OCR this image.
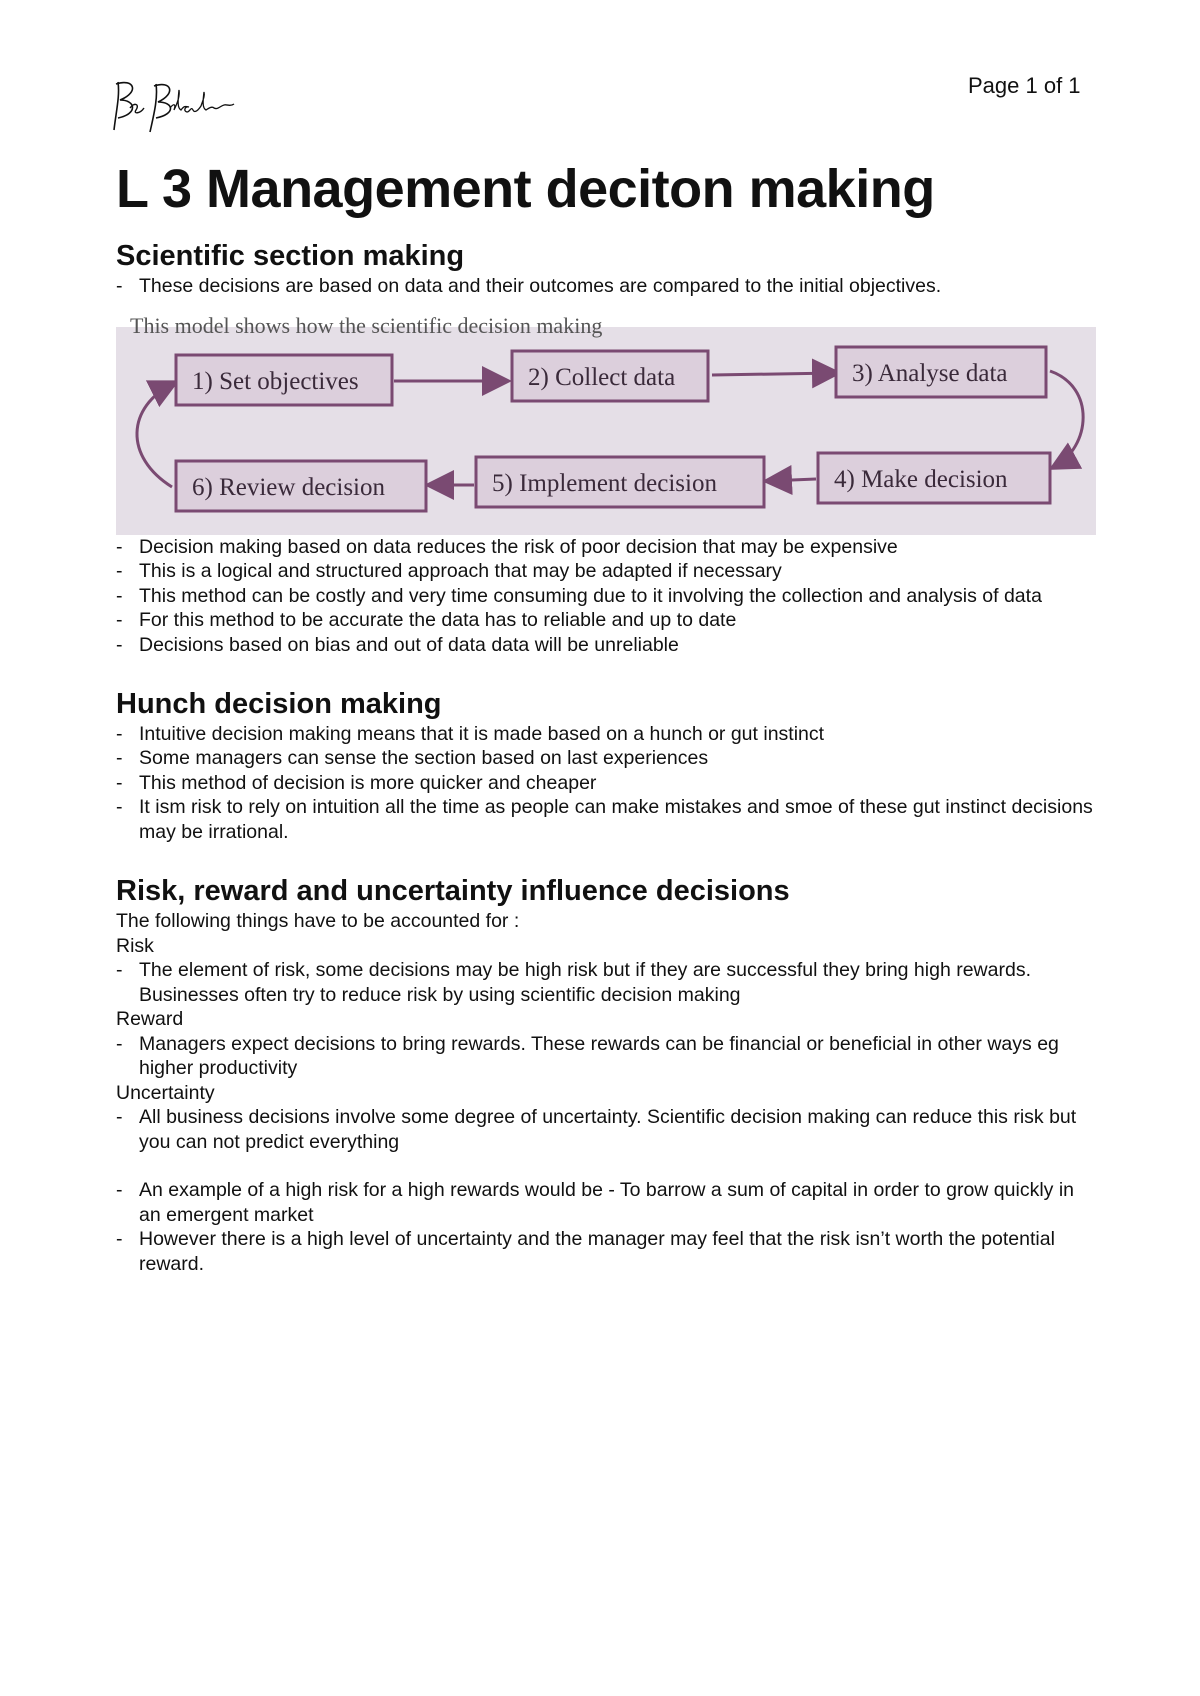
Page 1 of 1
L 3 Management deciton making
Scientific section making
- These decisions are based on data and their outcomes are compared to the initial objectives.
This model shows how the scientific decision making
1) Set objectives	2) Collect data	3) Analyse data
4) Make decision
5) Implement decision
6) Review decision
- Decision making based on data reduces the risk of poor decision that may be expensive
- This is a logical and structured approach that may be adapted if necessary
- This method can be costly and very time consuming due to it involving the collection and analysis of data
- For this method to be accurate the data has to reliable and up to date
- Decisions based on bias and out of data data will be unreliable
Hunch decision making
- Intuitive decision making means that it is made based on a hunch or gut instinct
- Some managers can sense the section based on last experiences
- This method of decision is more quicker and cheaper
- It ism risk to rely on intuition all the time as people can make mistakes and smoe of these gut instinct decisions may be irrational.
Risk, reward and uncertainty influence decisions

The following things have to be accounted for :

Risk

- The element of risk, some decisions may be high risk but if they are successful they bring high rewards. Businesses often try to reduce risk by using scientific decision making

Reward

- Managers expect decisions to bring rewards. These rewards can be financial or beneficial in other ways eg higher productivity

Uncertainty

- All business decisions involve some degree of uncertainty. Scientific decision making can reduce this risk but you can not predict everything
- An example of a high risk for a high rewards would be - To barrow a sum of capital in order to grow quickly in an emergent market
- However there is a high level of uncertainty and the manager may feel that the risk isn’t worth the potential reward.
